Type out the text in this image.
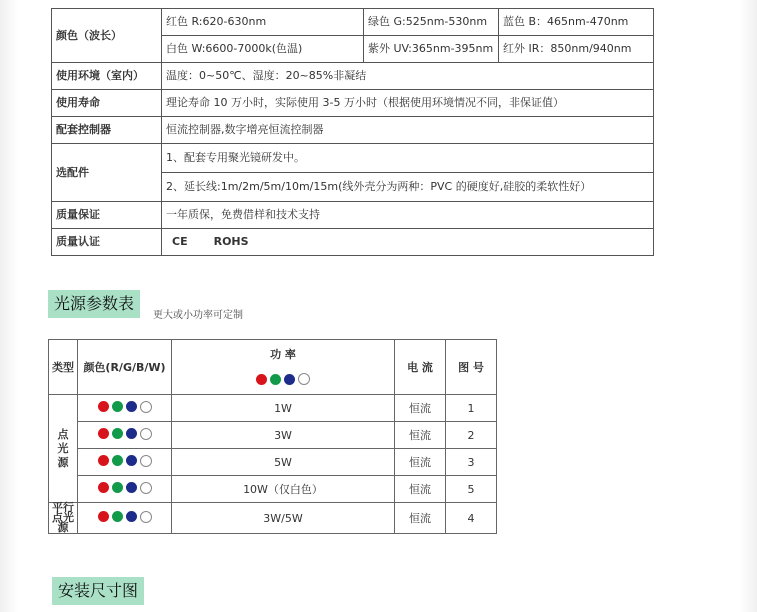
颜色（波长）	红色 R:620-630nm	绿色 G:525nm-530nm	蓝色 B：465nm-470nm
	白色 W:6600-7000k(色温)	紫外 UV:365nm-395nm	红外 IR：850nm/940nm
使用环境（室内）	温度：0~50℃、湿度：20~85%非凝结		
使用寿命	理论寿命 10 万小时，实际使用 3-5 万小时（根据使用环境情况不同，非保证值）		
配套控制器	恒流控制器,数字增亮恒流控制器		
选配件	1、配套专用聚光镜研发中。		
	2、延长线:1m/2m/5m/10m/15m(线外壳分为两种：PVC 的硬度好,硅胶的柔软性好）		
质量保证	一年质保，免费借样和技术支持		
质量认证	CE ROHS		
光源参数表
更大或小功率可定制
类型	颜色(R/G/B/W)	功 率	电 流	图 号

点
光
源		1W	恒流	1

		3W	恒流	2

		5W	恒流	3

		10W（仅白色）	恒流	5
平行
点光源		3W/5W	恒流	4
安装尺寸图
